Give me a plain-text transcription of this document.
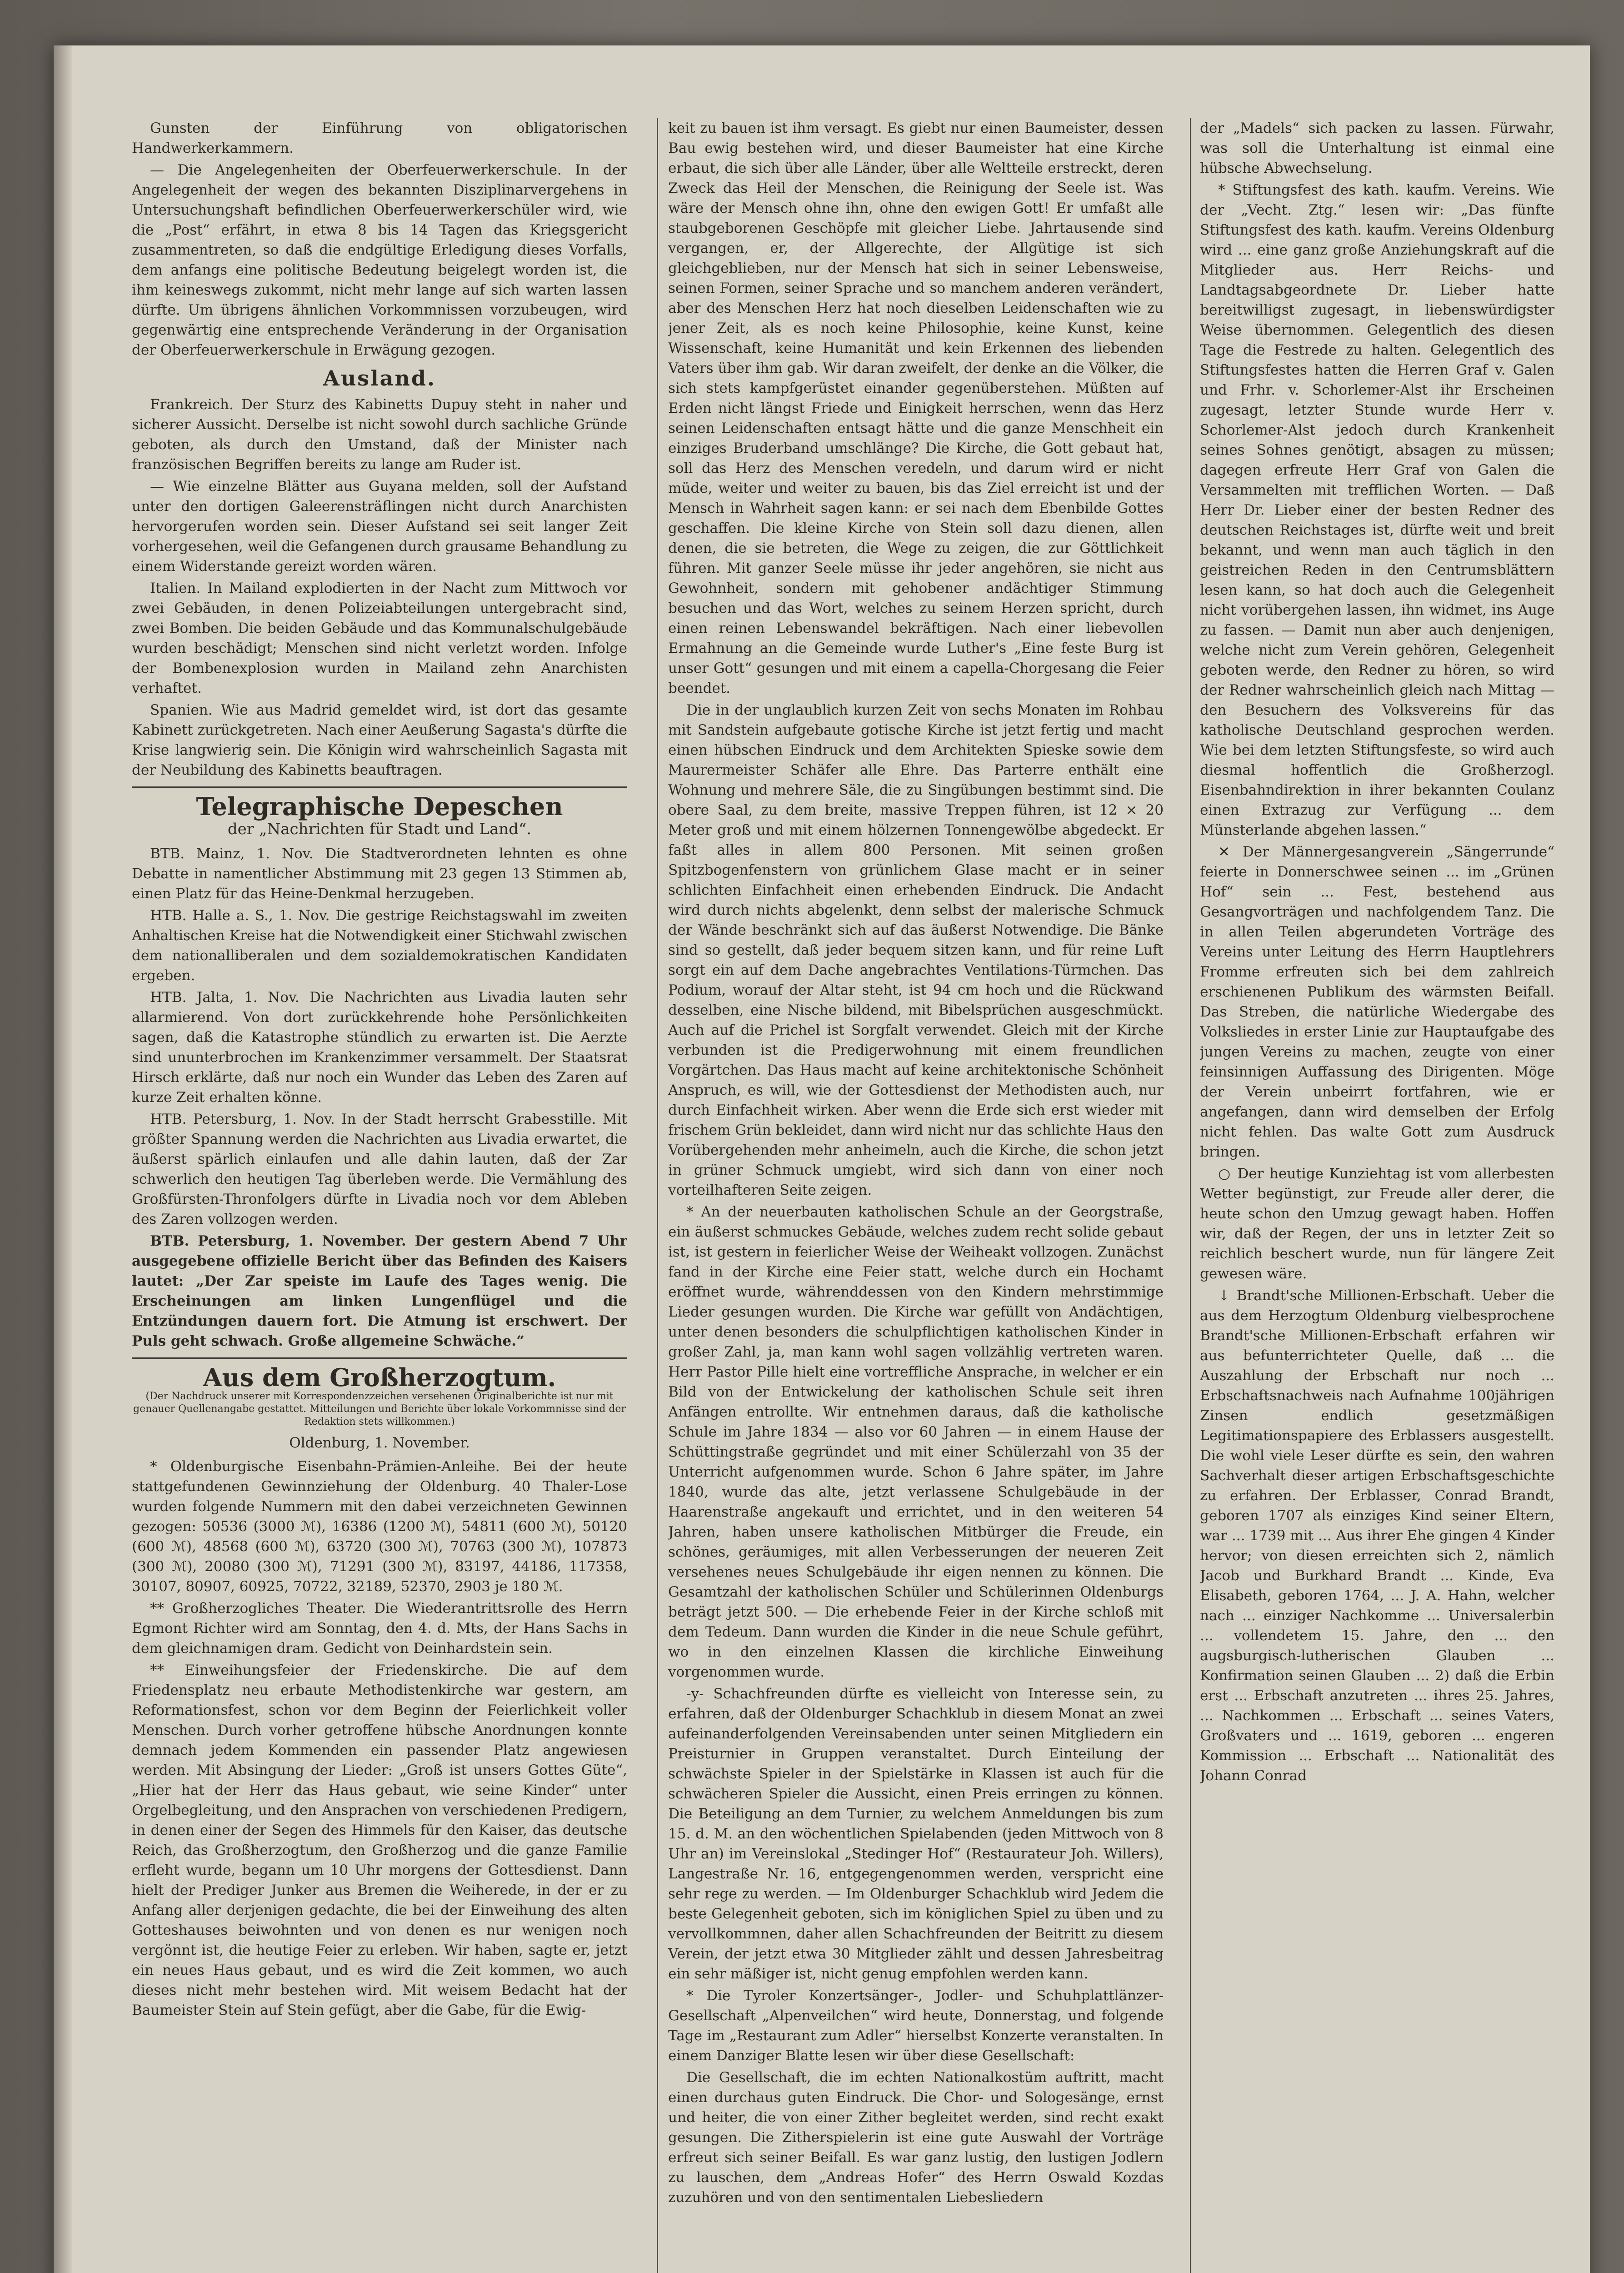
Gunsten der Einführung von obligatorischen Handwerkerkammern.

— Die Angelegenheiten der Oberfeuerwerkerschule. In der Angelegenheit der wegen des bekannten Disziplinarvergehens in Untersuchungshaft befindlichen Oberfeuerwerkerschüler wird, wie die „Post“ erfährt, in etwa 8 bis 14 Tagen das Kriegsgericht zusammentreten, so daß die endgültige Erledigung dieses Vorfalls, dem anfangs eine politische Bedeutung beigelegt worden ist, die ihm keineswegs zukommt, nicht mehr lange auf sich warten lassen dürfte. Um übrigens ähnlichen Vorkommnissen vorzubeugen, wird gegenwärtig eine entsprechende Veränderung in der Organisation der Oberfeuerwerkerschule in Erwägung gezogen.

Ausland.

Frankreich. Der Sturz des Kabinetts Dupuy steht in naher und sicherer Aussicht. Derselbe ist nicht sowohl durch sachliche Gründe geboten, als durch den Umstand, daß der Minister nach französischen Begriffen bereits zu lange am Ruder ist.

— Wie einzelne Blätter aus Guyana melden, soll der Aufstand unter den dortigen Galeerensträflingen nicht durch Anarchisten hervorgerufen worden sein. Dieser Aufstand sei seit langer Zeit vorhergesehen, weil die Gefangenen durch grausame Behandlung zu einem Widerstande gereizt worden wären.

Italien. In Mailand explodierten in der Nacht zum Mittwoch vor zwei Gebäuden, in denen Polizeiabteilungen untergebracht sind, zwei Bomben. Die beiden Gebäude und das Kommunalschulgebäude wurden beschädigt; Menschen sind nicht verletzt worden. Infolge der Bombenexplosion wurden in Mailand zehn Anarchisten verhaftet.

Spanien. Wie aus Madrid gemeldet wird, ist dort das gesamte Kabinett zurückgetreten. Nach einer Aeußerung Sagasta's dürfte die Krise langwierig sein. Die Königin wird wahrscheinlich Sagasta mit der Neubildung des Kabinetts beauftragen.

Telegraphische Depeschen
der „Nachrichten für Stadt und Land“.

BTB. Mainz, 1. Nov. Die Stadtverordneten lehnten es ohne Debatte in namentlicher Abstimmung mit 23 gegen 13 Stimmen ab, einen Platz für das Heine-Denkmal herzugeben.

HTB. Halle a. S., 1. Nov. Die gestrige Reichstagswahl im zweiten Anhaltischen Kreise hat die Notwendigkeit einer Stichwahl zwischen dem nationalliberalen und dem sozialdemokratischen Kandidaten ergeben.

HTB. Jalta, 1. Nov. Die Nachrichten aus Livadia lauten sehr allarmierend. Von dort zurückkehrende hohe Persönlichkeiten sagen, daß die Katastrophe stündlich zu erwarten ist. Die Aerzte sind ununterbrochen im Krankenzimmer versammelt. Der Staatsrat Hirsch erklärte, daß nur noch ein Wunder das Leben des Zaren auf kurze Zeit erhalten könne.

HTB. Petersburg, 1. Nov. In der Stadt herrscht Grabesstille. Mit größter Spannung werden die Nachrichten aus Livadia erwartet, die äußerst spärlich einlaufen und alle dahin lauten, daß der Zar schwerlich den heutigen Tag überleben werde. Die Vermählung des Großfürsten-Thronfolgers dürfte in Livadia noch vor dem Ableben des Zaren vollzogen werden.

BTB. Petersburg, 1. November. Der gestern Abend 7 Uhr ausgegebene offizielle Bericht über das Befinden des Kaisers lautet: „Der Zar speiste im Laufe des Tages wenig. Die Erscheinungen am linken Lungenflügel und die Entzündungen dauern fort. Die Atmung ist erschwert. Der Puls geht schwach. Große allgemeine Schwäche.“

Aus dem Großherzogtum.
(Der Nachdruck unserer mit Korrespondenzzeichen versehenen Originalberichte ist nur mit genauer Quellenangabe gestattet. Mitteilungen und Berichte über lokale Vorkommnisse sind der Redaktion stets willkommen.)
Oldenburg, 1. November.

* Oldenburgische Eisenbahn-Prämien-Anleihe. Bei der heute stattgefundenen Gewinnziehung der Oldenburg. 40 Thaler-Lose wurden folgende Nummern mit den dabei verzeichneten Gewinnen gezogen: 50536 (3000 ℳ), 16386 (1200 ℳ), 54811 (600 ℳ), 50120 (600 ℳ), 48568 (600 ℳ), 63720 (300 ℳ), 70763 (300 ℳ), 107873 (300 ℳ), 20080 (300 ℳ), 71291 (300 ℳ), 83197, 44186, 117358, 30107, 80907, 60925, 70722, 32189, 52370, 2903 je 180 ℳ.

** Großherzogliches Theater. Die Wiederantrittsrolle des Herrn Egmont Richter wird am Sonntag, den 4. d. Mts, der Hans Sachs in dem gleichnamigen dram. Gedicht von Deinhardstein sein.

** Einweihungsfeier der Friedenskirche. Die auf dem Friedensplatz neu erbaute Methodistenkirche war gestern, am Reformationsfest, schon vor dem Beginn der Feierlichkeit voller Menschen. Durch vorher getroffene hübsche Anordnungen konnte demnach jedem Kommenden ein passender Platz angewiesen werden. Mit Absingung der Lieder: „Groß ist unsers Gottes Güte“, „Hier hat der Herr das Haus gebaut, wie seine Kinder“ unter Orgelbegleitung, und den Ansprachen von verschiedenen Predigern, in denen einer der Segen des Himmels für den Kaiser, das deutsche Reich, das Großherzogtum, den Großherzog und die ganze Familie erfleht wurde, begann um 10 Uhr morgens der Gottesdienst. Dann hielt der Prediger Junker aus Bremen die Weiherede, in der er zu Anfang aller derjenigen gedachte, die bei der Einweihung des alten Gotteshauses beiwohnten und von denen es nur wenigen noch vergönnt ist, die heutige Feier zu erleben. Wir haben, sagte er, jetzt ein neues Haus gebaut, und es wird die Zeit kommen, wo auch dieses nicht mehr bestehen wird. Mit weisem Bedacht hat der Baumeister Stein auf Stein gefügt, aber die Gabe, für die Ewig-

keit zu bauen ist ihm versagt. Es giebt nur einen Baumeister, dessen Bau ewig bestehen wird, und dieser Baumeister hat eine Kirche erbaut, die sich über alle Länder, über alle Weltteile erstreckt, deren Zweck das Heil der Menschen, die Reinigung der Seele ist. Was wäre der Mensch ohne ihn, ohne den ewigen Gott! Er umfaßt alle staubgeborenen Geschöpfe mit gleicher Liebe. Jahrtausende sind vergangen, er, der Allgerechte, der Allgütige ist sich gleichgeblieben, nur der Mensch hat sich in seiner Lebensweise, seinen Formen, seiner Sprache und so manchem anderen verändert, aber des Menschen Herz hat noch dieselben Leidenschaften wie zu jener Zeit, als es noch keine Philosophie, keine Kunst, keine Wissenschaft, keine Humanität und kein Erkennen des liebenden Vaters über ihm gab. Wir daran zweifelt, der denke an die Völker, die sich stets kampfgerüstet einander gegenüberstehen. Müßten auf Erden nicht längst Friede und Einigkeit herrschen, wenn das Herz seinen Leidenschaften entsagt hätte und die ganze Menschheit ein einziges Bruderband umschlänge? Die Kirche, die Gott gebaut hat, soll das Herz des Menschen veredeln, und darum wird er nicht müde, weiter und weiter zu bauen, bis das Ziel erreicht ist und der Mensch in Wahrheit sagen kann: er sei nach dem Ebenbilde Gottes geschaffen. Die kleine Kirche von Stein soll dazu dienen, allen denen, die sie betreten, die Wege zu zeigen, die zur Göttlichkeit führen. Mit ganzer Seele müsse ihr jeder angehören, sie nicht aus Gewohnheit, sondern mit gehobener andächtiger Stimmung besuchen und das Wort, welches zu seinem Herzen spricht, durch einen reinen Lebenswandel bekräftigen. Nach einer liebevollen Ermahnung an die Gemeinde wurde Luther's „Eine feste Burg ist unser Gott“ gesungen und mit einem a capella-Chorgesang die Feier beendet.

Die in der unglaublich kurzen Zeit von sechs Monaten im Rohbau mit Sandstein aufgebaute gotische Kirche ist jetzt fertig und macht einen hübschen Eindruck und dem Architekten Spieske sowie dem Maurermeister Schäfer alle Ehre. Das Parterre enthält eine Wohnung und mehrere Säle, die zu Singübungen bestimmt sind. Die obere Saal, zu dem breite, massive Treppen führen, ist 12 × 20 Meter groß und mit einem hölzernen Tonnengewölbe abgedeckt. Er faßt alles in allem 800 Personen. Mit seinen großen Spitzbogenfenstern von grünlichem Glase macht er in seiner schlichten Einfachheit einen erhebenden Eindruck. Die Andacht wird durch nichts abgelenkt, denn selbst der malerische Schmuck der Wände beschränkt sich auf das äußerst Notwendige. Die Bänke sind so gestellt, daß jeder bequem sitzen kann, und für reine Luft sorgt ein auf dem Dache angebrachtes Ventilations-Türmchen. Das Podium, worauf der Altar steht, ist 94 cm hoch und die Rückwand desselben, eine Nische bildend, mit Bibelsprüchen ausgeschmückt. Auch auf die Prichel ist Sorgfalt verwendet. Gleich mit der Kirche verbunden ist die Predigerwohnung mit einem freundlichen Vorgärtchen. Das Haus macht auf keine architektonische Schönheit Anspruch, es will, wie der Gottesdienst der Methodisten auch, nur durch Einfachheit wirken. Aber wenn die Erde sich erst wieder mit frischem Grün bekleidet, dann wird nicht nur das schlichte Haus den Vorübergehenden mehr anheimeln, auch die Kirche, die schon jetzt in grüner Schmuck umgiebt, wird sich dann von einer noch vorteilhafteren Seite zeigen.

* An der neuerbauten katholischen Schule an der Georgstraße, ein äußerst schmuckes Gebäude, welches zudem recht solide gebaut ist, ist gestern in feierlicher Weise der Weiheakt vollzogen. Zunächst fand in der Kirche eine Feier statt, welche durch ein Hochamt eröffnet wurde, währenddessen von den Kindern mehrstimmige Lieder gesungen wurden. Die Kirche war gefüllt von Andächtigen, unter denen besonders die schulpflichtigen katholischen Kinder in großer Zahl, ja, man kann wohl sagen vollzählig vertreten waren. Herr Pastor Pille hielt eine vortreffliche Ansprache, in welcher er ein Bild von der Entwickelung der katholischen Schule seit ihren Anfängen entrollte. Wir entnehmen daraus, daß die katholische Schule im Jahre 1834 — also vor 60 Jahren — in einem Hause der Schüttingstraße gegründet und mit einer Schülerzahl von 35 der Unterricht aufgenommen wurde. Schon 6 Jahre später, im Jahre 1840, wurde das alte, jetzt verlassene Schulgebäude in der Haarenstraße angekauft und errichtet, und in den weiteren 54 Jahren, haben unsere katholischen Mitbürger die Freude, ein schönes, geräumiges, mit allen Verbesserungen der neueren Zeit versehenes neues Schulgebäude ihr eigen nennen zu können. Die Gesamtzahl der katholischen Schüler und Schülerinnen Oldenburgs beträgt jetzt 500. — Die erhebende Feier in der Kirche schloß mit dem Tedeum. Dann wurden die Kinder in die neue Schule geführt, wo in den einzelnen Klassen die kirchliche Einweihung vorgenommen wurde.

-y- Schachfreunden dürfte es vielleicht von Interesse sein, zu erfahren, daß der Oldenburger Schachklub in diesem Monat an zwei aufeinanderfolgenden Vereinsabenden unter seinen Mitgliedern ein Preisturnier in Gruppen veranstaltet. Durch Einteilung der schwächste Spieler in der Spielstärke in Klassen ist auch für die schwächeren Spieler die Aussicht, einen Preis erringen zu können. Die Beteiligung an dem Turnier, zu welchem Anmeldungen bis zum 15. d. M. an den wöchentlichen Spielabenden (jeden Mittwoch von 8 Uhr an) im Vereinslokal „Stedinger Hof“ (Restaurateur Joh. Willers), Langestraße Nr. 16, entgegengenommen werden, verspricht eine sehr rege zu werden. — Im Oldenburger Schachklub wird Jedem die beste Gelegenheit geboten, sich im königlichen Spiel zu üben und zu vervollkommnen, daher allen Schachfreunden der Beitritt zu diesem Verein, der jetzt etwa 30 Mitglieder zählt und dessen Jahresbeitrag ein sehr mäßiger ist, nicht genug empfohlen werden kann.

* Die Tyroler Konzertsänger-, Jodler- und Schuhplattlänzer-Gesellschaft „Alpenveilchen“ wird heute, Donnerstag, und folgende Tage im „Restaurant zum Adler“ hierselbst Konzerte veranstalten. In einem Danziger Blatte lesen wir über diese Gesellschaft:

Die Gesellschaft, die im echten Nationalkostüm auftritt, macht einen durchaus guten Eindruck. Die Chor- und Sologesänge, ernst und heiter, die von einer Zither begleitet werden, sind recht exakt gesungen. Die Zitherspielerin ist eine gute Auswahl der Vorträge erfreut sich seiner Beifall. Es war ganz lustig, den lustigen Jodlern zu lauschen, dem „Andreas Hofer“ des Herrn Oswald Kozdas zuzuhören und von den sentimentalen Liebesliedern

der „Madels“ sich packen zu lassen. Fürwahr, was soll die Unterhaltung ist einmal eine hübsche Abwechselung.

* Stiftungsfest des kath. kaufm. Vereins. Wie der „Vecht. Ztg.“ lesen wir: „Das fünfte Stiftungsfest des kath. kaufm. Vereins Oldenburg wird ... eine ganz große Anziehungskraft auf die Mitglieder aus. Herr Reichs- und Landtagsabgeordnete Dr. Lieber hatte bereitwilligst zugesagt, in liebenswürdigster Weise übernommen. Gelegentlich des diesen Tage die Festrede zu halten. Gelegentlich des Stiftungsfestes hatten die Herren Graf v. Galen und Frhr. v. Schorlemer-Alst ihr Erscheinen zugesagt, letzter Stunde wurde Herr v. Schorlemer-Alst jedoch durch Krankenheit seines Sohnes genötigt, absagen zu müssen; dagegen erfreute Herr Graf von Galen die Versammelten mit trefflichen Worten. — Daß Herr Dr. Lieber einer der besten Redner des deutschen Reichstages ist, dürfte weit und breit bekannt, und wenn man auch täglich in den geistreichen Reden in den Centrumsblättern lesen kann, so hat doch auch die Gelegenheit nicht vorübergehen lassen, ihn widmet, ins Auge zu fassen. — Damit nun aber auch denjenigen, welche nicht zum Verein gehören, Gelegenheit geboten werde, den Redner zu hören, so wird der Redner wahrscheinlich gleich nach Mittag — den Besuchern des Volksvereins für das katholische Deutschland gesprochen werden. Wie bei dem letzten Stiftungsfeste, so wird auch diesmal hoffentlich die Großherzogl. Eisenbahndirektion in ihrer bekannten Coulanz einen Extrazug zur Verfügung ... dem Münsterlande abgehen lassen.“

✕ Der Männergesangverein „Sängerrunde“ feierte in Donnerschwee seinen ... im „Grünen Hof“ sein ... Fest, bestehend aus Gesangvorträgen und nachfolgendem Tanz. Die in allen Teilen abgerundeten Vorträge des Vereins unter Leitung des Herrn Hauptlehrers Fromme erfreuten sich bei dem zahlreich erschienenen Publikum des wärmsten Beifall. Das Streben, die natürliche Wiedergabe des Volksliedes in erster Linie zur Hauptaufgabe des jungen Vereins zu machen, zeugte von einer feinsinnigen Auffassung des Dirigenten. Möge der Verein unbeirrt fortfahren, wie er angefangen, dann wird demselben der Erfolg nicht fehlen. Das walte Gott zum Ausdruck bringen.

○ Der heutige Kunziehtag ist vom allerbesten Wetter begünstigt, zur Freude aller derer, die heute schon den Umzug gewagt haben. Hoffen wir, daß der Regen, der uns in letzter Zeit so reichlich beschert wurde, nun für längere Zeit gewesen wäre.

↓ Brandt'sche Millionen-Erbschaft. Ueber die aus dem Herzogtum Oldenburg vielbesprochene Brandt'sche Millionen-Erbschaft erfahren wir aus befunterrichteter Quelle, daß ... die Auszahlung der Erbschaft nur noch ... Erbschaftsnachweis nach Aufnahme 100jährigen Zinsen endlich gesetzmäßigen Legitimationspapiere des Erblassers ausgestellt. Die wohl viele Leser dürfte es sein, den wahren Sachverhalt dieser artigen Erbschaftsgeschichte zu erfahren. Der Erblasser, Conrad Brandt, geboren 1707 als einziges Kind seiner Eltern, war ... 1739 mit ... Aus ihrer Ehe gingen 4 Kinder hervor; von diesen erreichten sich 2, nämlich Jacob und Burkhard Brandt ... Kinde, Eva Elisabeth, geboren 1764, ... J. A. Hahn, welcher nach ... einziger Nachkomme ... Universalerbin ... vollendetem 15. Jahre, den ... den augsburgisch-lutherischen Glauben ... Konfirmation seinen Glauben ... 2) daß die Erbin erst ... Erbschaft anzutreten ... ihres 25. Jahres, ... Nachkommen ... Erbschaft ... seines Vaters, Großvaters und ... 1619, geboren ... engeren Kommission ... Erbschaft ... Nationalität des Johann Conrad
